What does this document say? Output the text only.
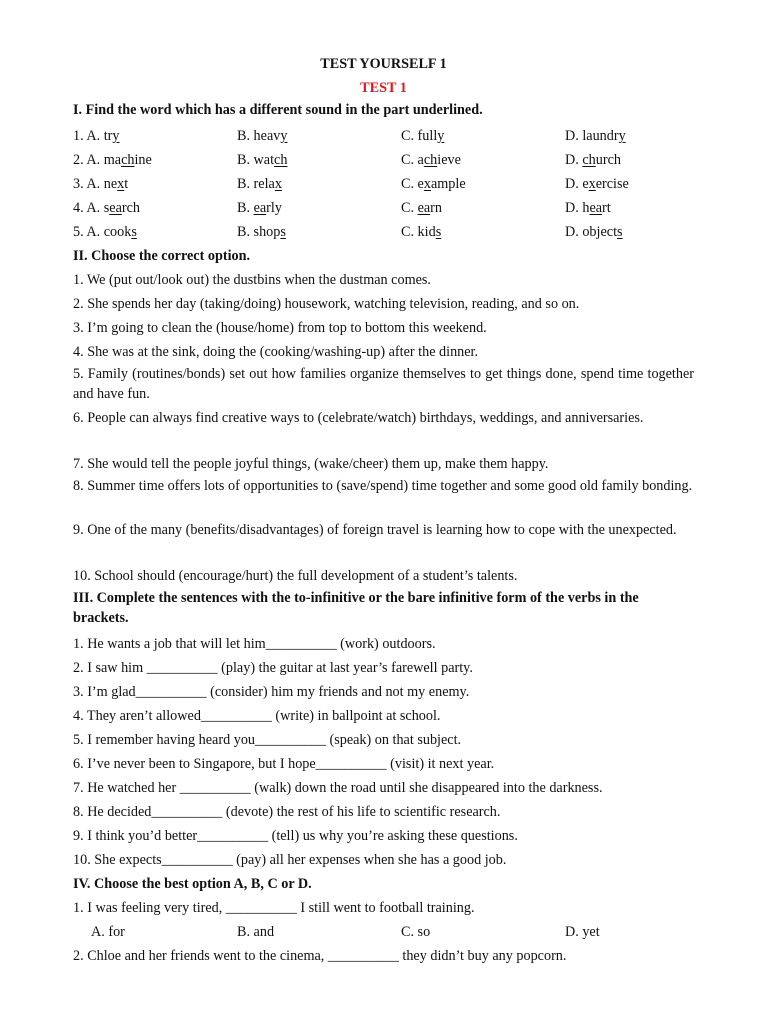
TEST YOURSELF 1
TEST 1
I. Find the word which has a different sound in the part underlined.
1. A. try	B. heavy	C. fully	D. laundry
2. A. machine	B. watch	C. achieve	D. church
3. A. next	B. relax	C. example	D. exercise
4. A. search	B. early	C. earn	D. heart
5. A. cooks	B. shops	C. kids	D. objects
II. Choose the correct option.
1. We (put out/look out) the dustbins when the dustman comes.
2. She spends her day (taking/doing) housework, watching television, reading, and so on.
3. I’m going to clean the (house/home) from top to bottom this weekend.
4. She was at the sink, doing the (cooking/washing-up) after the dinner.
5. Family (routines/bonds) set out how families organize themselves to get things done, spend time together and have fun.
6. People can always find creative ways to (celebrate/watch) birthdays, weddings, and anniversaries.
7. She would tell the people joyful things, (wake/cheer) them up, make them happy.
8. Summer time offers lots of opportunities to (save/spend) time together and some good old family bonding.
9. One of the many (benefits/disadvantages) of foreign travel is learning how to cope with the unexpected.
10. School should (encourage/hurt) the full development of a student’s talents.
III. Complete the sentences with the to-infinitive or the bare infinitive form of the verbs in the brackets.
1. He wants a job that will let him__________ (work) outdoors.
2. I saw him __________ (play) the guitar at last year’s farewell party.
3. I’m glad__________ (consider) him my friends and not my enemy.
4. They aren’t allowed__________ (write) in ballpoint at school.
5. I remember having heard you__________ (speak) on that subject.
6. I’ve never been to Singapore, but I hope__________ (visit) it next year.
7. He watched her __________ (walk) down the road until she disappeared into the darkness.
8. He decided__________ (devote) the rest of his life to scientific research.
9. I think you’d better__________ (tell) us why you’re asking these questions.
10. She expects__________ (pay) all her expenses when she has a good job.
IV. Choose the best option A, B, C or D.
1. I was feeling very tired, __________ I still went to football training.
A. for	B. and	C. so	D. yet
2. Chloe and her friends went to the cinema, __________ they didn’t buy any popcorn.
